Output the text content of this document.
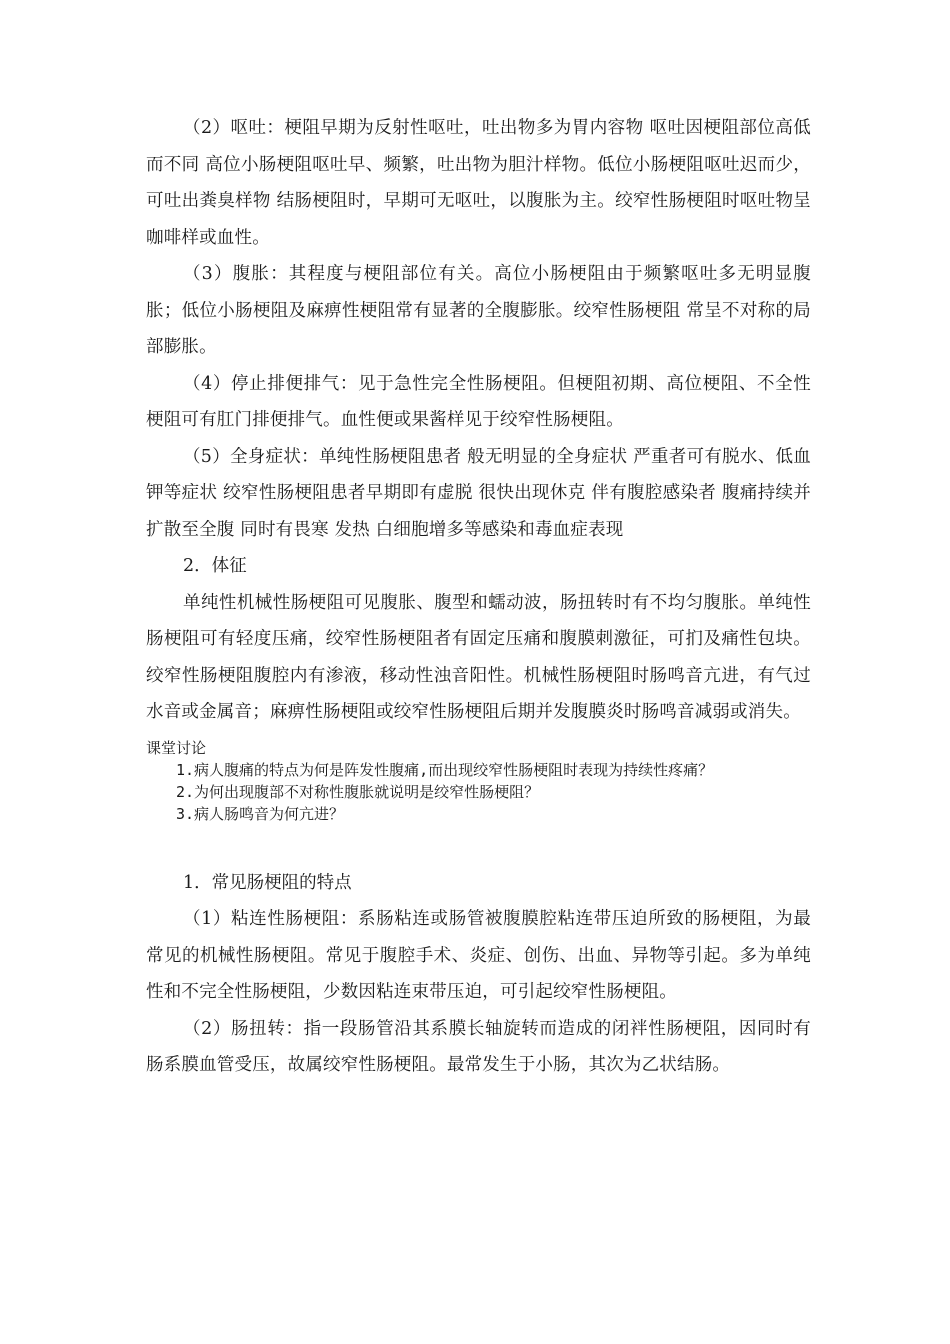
（2）呕吐：梗阻早期为反射性呕吐，吐出物多为胃内容物 呕吐因梗阻部位高低而不同 高位小肠梗阻呕吐早、频繁，吐出物为胆汁样物。低位小肠梗阻呕吐迟而少，可吐出粪臭样物 结肠梗阻时，早期可无呕吐，以腹胀为主。绞窄性肠梗阻时呕吐物呈咖啡样或血性。

（3）腹胀：其程度与梗阻部位有关。高位小肠梗阻由于频繁呕吐多无明显腹胀；低位小肠梗阻及麻痹性梗阻常有显著的全腹膨胀。绞窄性肠梗阻 常呈不对称的局部膨胀。

（4）停止排便排气：见于急性完全性肠梗阻。但梗阻初期、高位梗阻、不全性梗阻可有肛门排便排气。血性便或果酱样见于绞窄性肠梗阻。

（5）全身症状：单纯性肠梗阻患者 般无明显的全身症状 严重者可有脱水、低血钾等症状 绞窄性肠梗阻患者早期即有虚脱 很快出现休克 伴有腹腔感染者 腹痛持续并扩散至全腹 同时有畏寒 发热 白细胞增多等感染和毒血症表现

2．体征

单纯性机械性肠梗阻可见腹胀、腹型和蠕动波，肠扭转时有不均匀腹胀。单纯性肠梗阻可有轻度压痛，绞窄性肠梗阻者有固定压痛和腹膜刺激征，可扪及痛性包块。绞窄性肠梗阻腹腔内有渗液，移动性浊音阳性。机械性肠梗阻时肠鸣音亢进，有气过水音或金属音；麻痹性肠梗阻或绞窄性肠梗阻后期并发腹膜炎时肠鸣音减弱或消失。

课堂讨论

1.病人腹痛的特点为何是阵发性腹痛,而出现绞窄性肠梗阻时表现为持续性疼痛？

2.为何出现腹部不对称性腹胀就说明是绞窄性肠梗阻？

3.病人肠鸣音为何亢进？

1．常见肠梗阻的特点

（1）粘连性肠梗阻：系肠粘连或肠管被腹膜腔粘连带压迫所致的肠梗阻，为最常见的机械性肠梗阻。常见于腹腔手术、炎症、创伤、出血、异物等引起。多为单纯性和不完全性肠梗阻，少数因粘连束带压迫，可引起绞窄性肠梗阻。

（2）肠扭转：指一段肠管沿其系膜长轴旋转而造成的闭袢性肠梗阻，因同时有肠系膜血管受压，故属绞窄性肠梗阻。最常发生于小肠，其次为乙状结肠。
